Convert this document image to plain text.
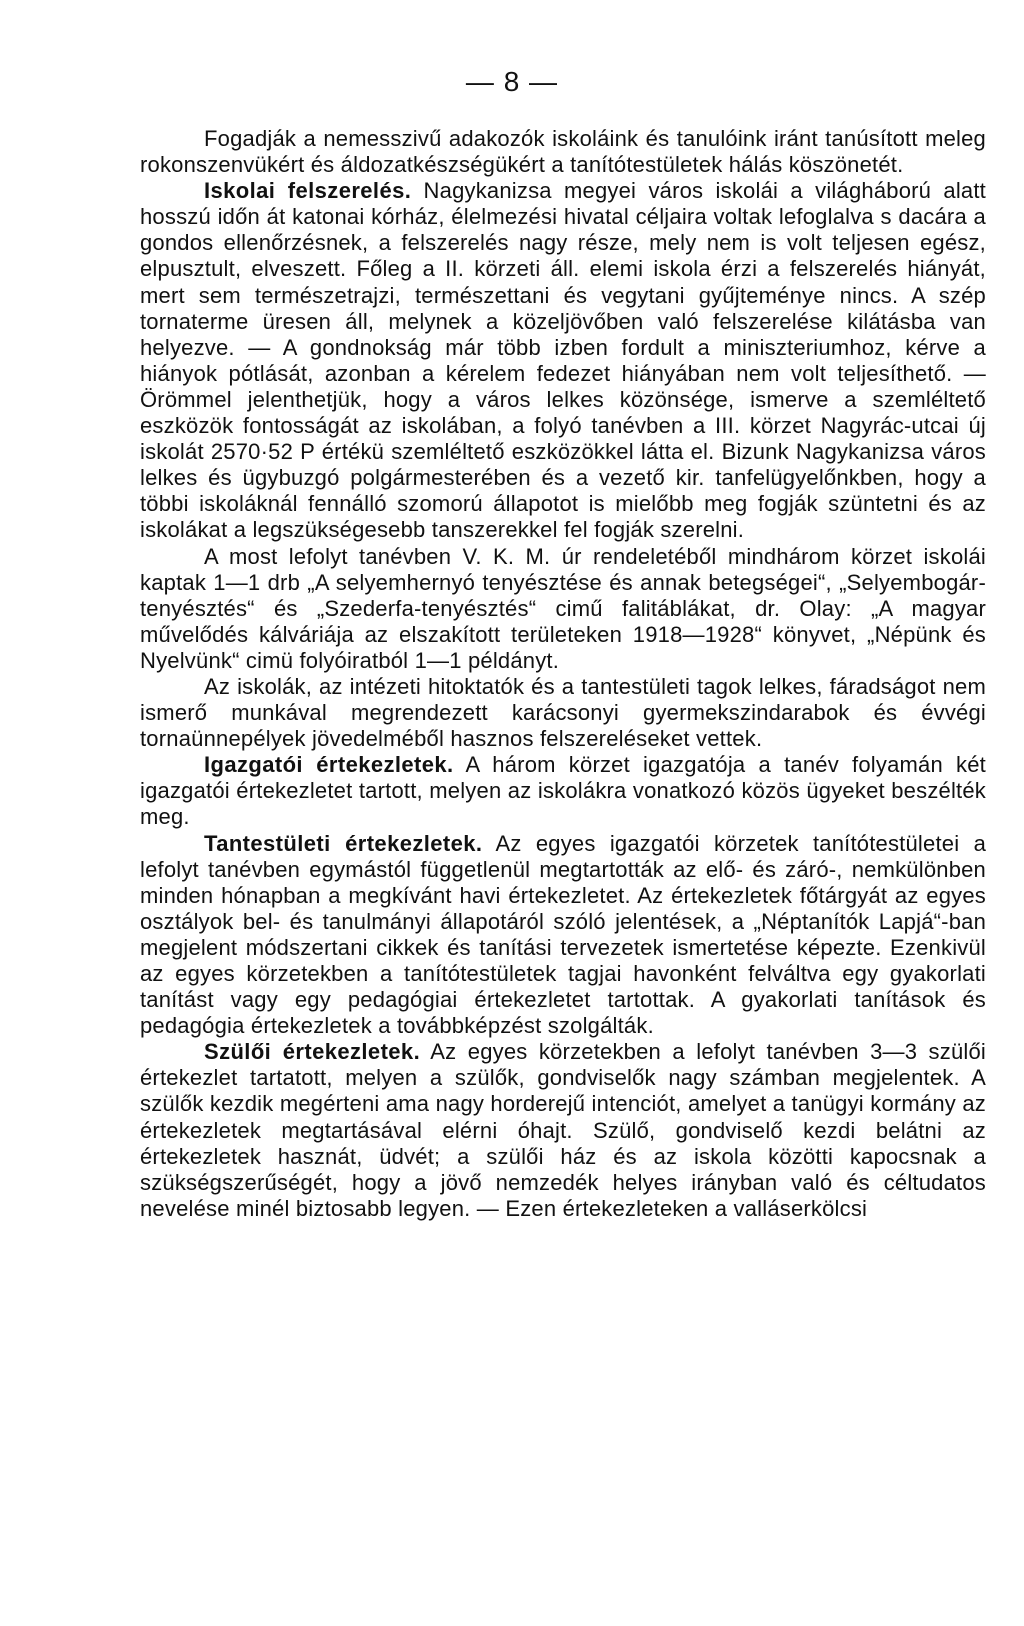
— 8 —

Fogadják a nemesszivű adakozók iskoláink és tanulóink iránt tanúsított meleg rokonszenvükért és áldozatkészségükért a tanítótestületek hálás köszönetét.

Iskolai felszerelés. Nagykanizsa megyei város iskolái a világháború alatt hosszú időn át katonai kórház, élelmezési hivatal céljaira voltak lefoglalva s dacára a gondos ellenőrzésnek, a felszerelés nagy része, mely nem is volt teljesen egész, elpusztult, elveszett. Főleg a II. körzeti áll. elemi iskola érzi a felszerelés hiányát, mert sem természetrajzi, természettani és vegytani gyűjteménye nincs. A szép tornaterme üresen áll, melynek a közeljövőben való felszerelése kilátásba van helyezve. — A gondnokság már több izben fordult a miniszteriumhoz, kérve a hiányok pótlását, azonban a kérelem fedezet hiányában nem volt teljesíthető. — Örömmel jelenthetjük, hogy a város lelkes közönsége, ismerve a szemléltető eszközök fontosságát az iskolában, a folyó tanévben a III. körzet Nagyrác-utcai új iskolát 2570·52 P értékü szemléltető eszközökkel látta el. Bizunk Nagykanizsa város lelkes és ügybuzgó polgármesterében és a vezető kir. tanfelügyelőnkben, hogy a többi iskoláknál fennálló szomorú állapotot is mielőbb meg fogják szüntetni és az iskolákat a legszükségesebb tanszerekkel fel fogják szerelni.

A most lefolyt tanévben V. K. M. úr rendeletéből mindhárom körzet iskolái kaptak 1—1 drb „A selyemhernyó tenyésztése és annak betegségei“, „Selyembogár-tenyésztés“ és „Szederfa-tenyésztés“ cimű falitáblákat, dr. Olay: „A magyar művelődés kálváriája az elszakított területeken 1918—1928“ könyvet, „Népünk és Nyelvünk“ cimü folyóiratból 1—1 példányt.

Az iskolák, az intézeti hitoktatók és a tantestületi tagok lelkes, fáradságot nem ismerő munkával megrendezett karácsonyi gyermekszindarabok és évvégi tornaünnepélyek jövedelméből hasznos felszereléseket vettek.

Igazgatói értekezletek. A három körzet igazgatója a tanév folyamán két igazgatói értekezletet tartott, melyen az iskolákra vonatkozó közös ügyeket beszélték meg.

Tantestületi értekezletek. Az egyes igazgatói körzetek tanítótestületei a lefolyt tanévben egymástól függetlenül megtartották az elő- és záró-, nemkülönben minden hónapban a megkívánt havi értekezletet. Az értekezletek főtárgyát az egyes osztályok bel- és tanulmányi állapotáról szóló jelentések, a „Néptanítók Lapjá“-ban megjelent módszertani cikkek és tanítási tervezetek ismertetése képezte. Ezenkivül az egyes körzetekben a tanítótestületek tagjai havonként felváltva egy gyakorlati tanítást vagy egy pedagógiai értekezletet tartottak. A gyakorlati tanítások és pedagógia értekezletek a továbbképzést szolgálták.

Szülői értekezletek. Az egyes körzetekben a lefolyt tanévben 3—3 szülői értekezlet tartatott, melyen a szülők, gondviselők nagy számban megjelentek. A szülők kezdik megérteni ama nagy horderejű intenciót, amelyet a tanügyi kormány az értekezletek megtartásával elérni óhajt. Szülő, gondviselő kezdi belátni az értekezletek hasznát, üdvét; a szülői ház és az iskola közötti kapocsnak a szükségszerűségét, hogy a jövő nemzedék helyes irányban való és céltudatos nevelése minél biztosabb legyen. — Ezen értekezleteken a valláserkölcsi
